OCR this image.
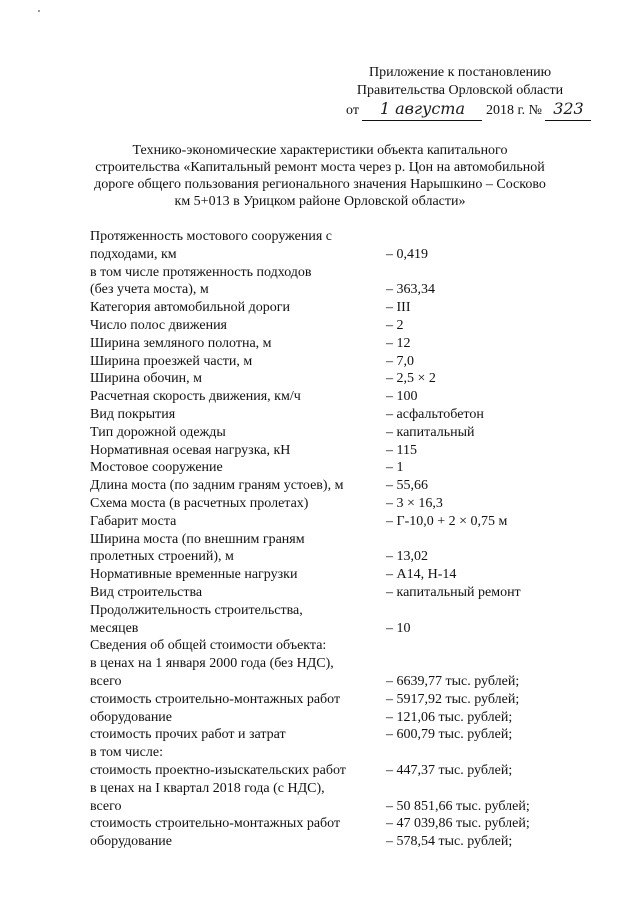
Приложение к постановлению
Правительства Орловской области
от 1 августа 2018 г. № 323
Технико-экономические характеристики объекта капитального
строительства «Капитальный ремонт моста через р. Цон на автомобильной
дороге общего пользования регионального значения Нарышкино – Сосково
км 5+013 в Урицком районе Орловской области»
Протяженность мостового сооружения с
подходами, км	– 0,419
в том числе протяженность подходов
(без учета моста), м	– 363,34
Категория автомобильной дороги	– III
Число полос движения	– 2
Ширина земляного полотна, м	– 12
Ширина проезжей части, м	– 7,0
Ширина обочин, м	– 2,5 × 2
Расчетная скорость движения, км/ч	– 100
Вид покрытия	– асфальтобетон
Тип дорожной одежды	– капитальный
Нормативная осевая нагрузка, кН	– 115
Мостовое сооружение	– 1
Длина моста (по задним граням устоев), м	– 55,66
Схема моста (в расчетных пролетах)	– 3 × 16,3
Габарит моста	– Г-10,0 + 2 × 0,75 м
Ширина моста (по внешним граням
пролетных строений), м	– 13,02
Нормативные временные нагрузки	– А14, Н-14
Вид строительства	– капитальный ремонт
Продолжительность строительства,
месяцев	– 10
Сведения об общей стоимости объекта:
в ценах на 1 января 2000 года (без НДС),
всего	– 6639,77 тыс. рублей;
стоимость строительно-монтажных работ	– 5917,92 тыс. рублей;
оборудование	– 121,06 тыс. рублей;
стоимость прочих работ и затрат	– 600,79 тыс. рублей;
в том числе:
стоимость проектно-изыскательских работ	– 447,37 тыс. рублей;
в ценах на I квартал 2018 года (с НДС),
всего	– 50 851,66 тыс. рублей;
стоимость строительно-монтажных работ	– 47 039,86 тыс. рублей;
оборудование	– 578,54 тыс. рублей;
